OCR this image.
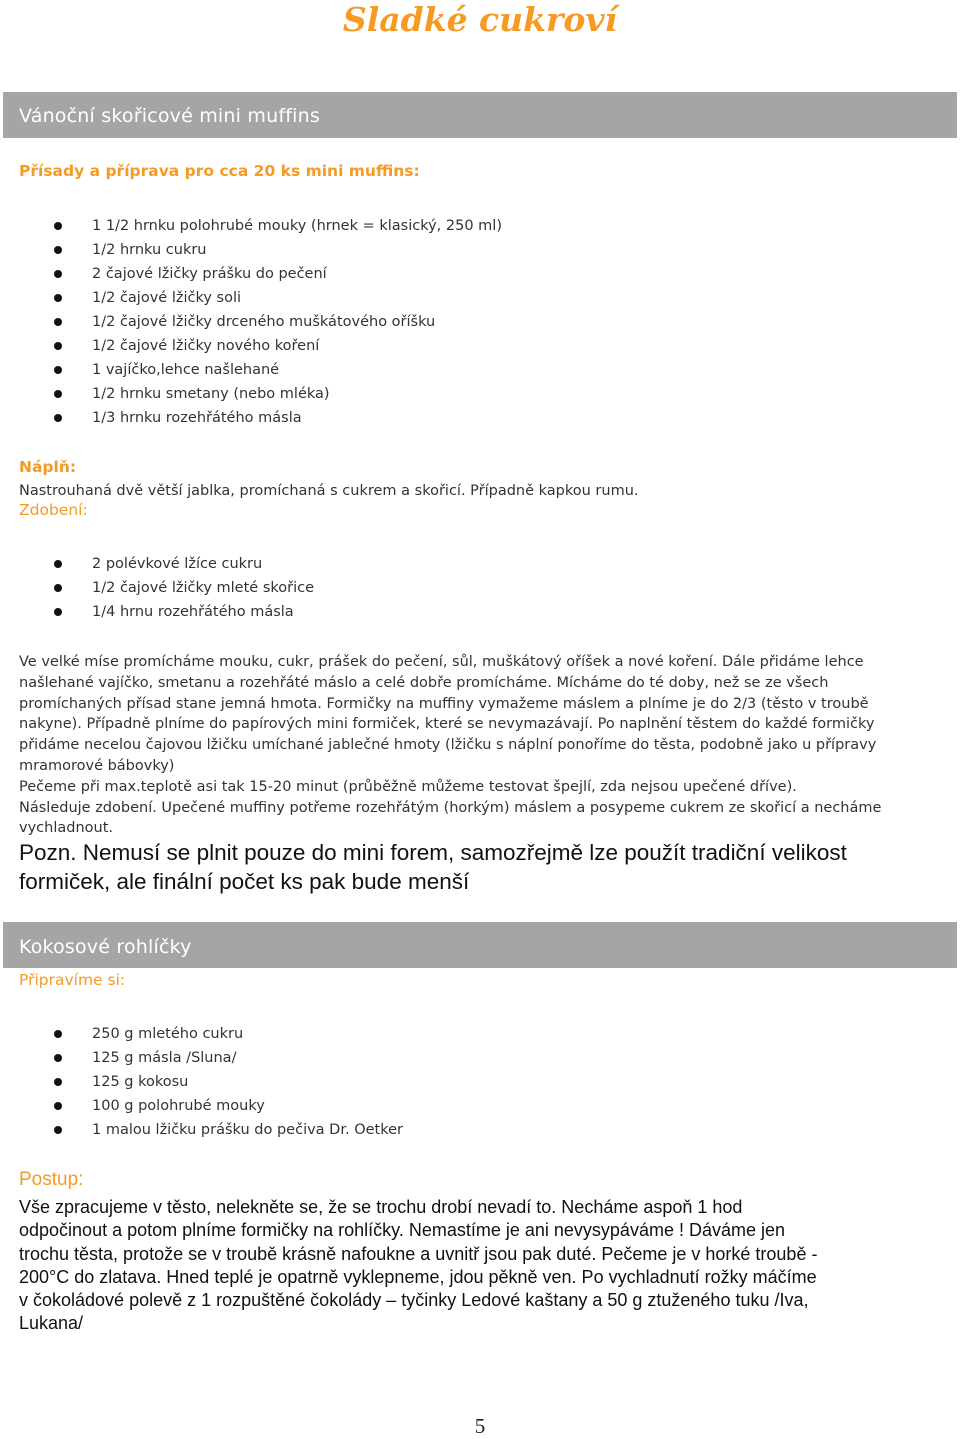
Sladké cukroví
Vánoční skořicové mini muffins
Přísady a příprava pro cca 20 ks mini muffins:
1 1/2 hrnku polohrubé mouky (hrnek = klasický, 250 ml)
1/2 hrnku cukru
2 čajové lžičky prášku do pečení
1/2 čajové lžičky soli
1/2 čajové lžičky drceného muškátového oříšku
1/2 čajové lžičky nového koření
1 vajíčko,lehce našlehané
1/2 hrnku smetany (nebo mléka)
1/3 hrnku rozehřátého másla
Náplň:
Nastrouhaná dvě větší jablka, promíchaná s cukrem a skořicí. Případně kapkou rumu.
Zdobení:
2 polévkové lžíce cukru
1/2 čajové lžičky mleté skořice
1/4 hrnu rozehřátého másla
Ve velké míse promícháme mouku, cukr, prášek do pečení, sůl, muškátový oříšek a nové koření. Dále přidáme lehce
našlehané vajíčko, smetanu a rozehřáté máslo a celé dobře promícháme. Mícháme do té doby, než se ze všech
promíchaných přísad stane jemná hmota. Formičky na muffiny vymažeme máslem a plníme je do 2/3 (těsto v troubě
nakyne). Případně plníme do papírových mini formiček, které se nevymazávají. Po naplnění těstem do každé formičky
přidáme necelou čajovou lžičku umíchané jablečné hmoty (lžičku s náplní ponoříme do těsta, podobně jako u přípravy
mramorové bábovky)
Pečeme při max.teplotě asi tak 15-20 minut (průběžně můžeme testovat špejlí, zda nejsou upečené dříve).
Následuje zdobení. Upečené muffiny potřeme rozehřátým (horkým) máslem a posypeme cukrem ze skořicí a necháme
vychladnout.
Pozn. Nemusí se plnit pouze do mini forem, samozřejmě lze použít tradiční velikost
formiček, ale finální počet ks pak bude menší
Kokosové rohlíčky
Připravíme si:
250 g mletého cukru
125 g másla /Sluna/
125 g kokosu
100 g polohrubé mouky
1 malou lžičku prášku do pečiva Dr. Oetker
Postup:
Vše zpracujeme v těsto, nelekněte se, že se trochu drobí nevadí to. Necháme aspoň 1 hod
odpočinout a potom plníme formičky na rohlíčky. Nemastíme je ani nevysypáváme ! Dáváme jen
trochu těsta, protože se v troubě krásně nafoukne a uvnitř jsou pak duté. Pečeme je v horké troubě -
200°C do zlatava. Hned teplé je opatrně vyklepneme, jdou pěkně ven. Po vychladnutí rožky máčíme
v čokoládové polevě z 1 rozpuštěné čokolády – tyčinky Ledové kaštany a 50 g ztuženého tuku /Iva,
Lukana/
5
